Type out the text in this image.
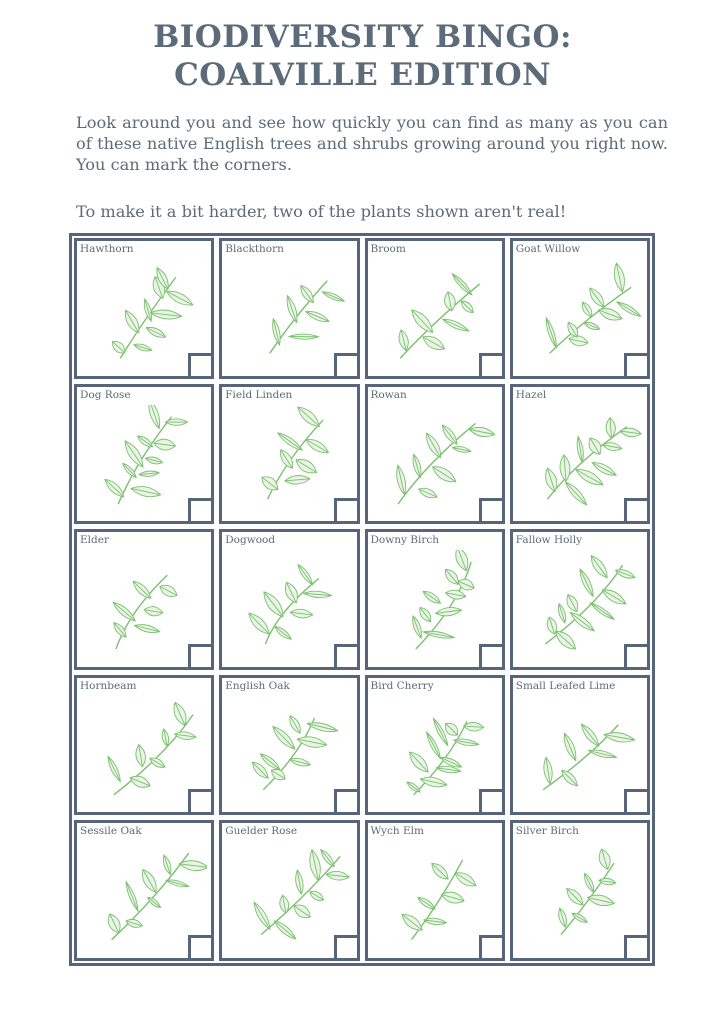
BIODIVERSITY BINGO:
COALVILLE EDITION
Look around you and see how quickly you can find as many as you can of these native English trees and shrubs growing around you right now. You can mark the corners.
To make it a bit harder, two of the plants shown aren't real!
Hawthorn	Blackthorn	Broom	Goat Willow
Dog Rose	Field Linden	Rowan	Hazel
Elder	Dogwood	Downy Birch	Fallow Holly
Hornbeam	English Oak	Bird Cherry	Small Leafed Lime
Sessile Oak	Guelder Rose	Wych Elm	Silver Birch
